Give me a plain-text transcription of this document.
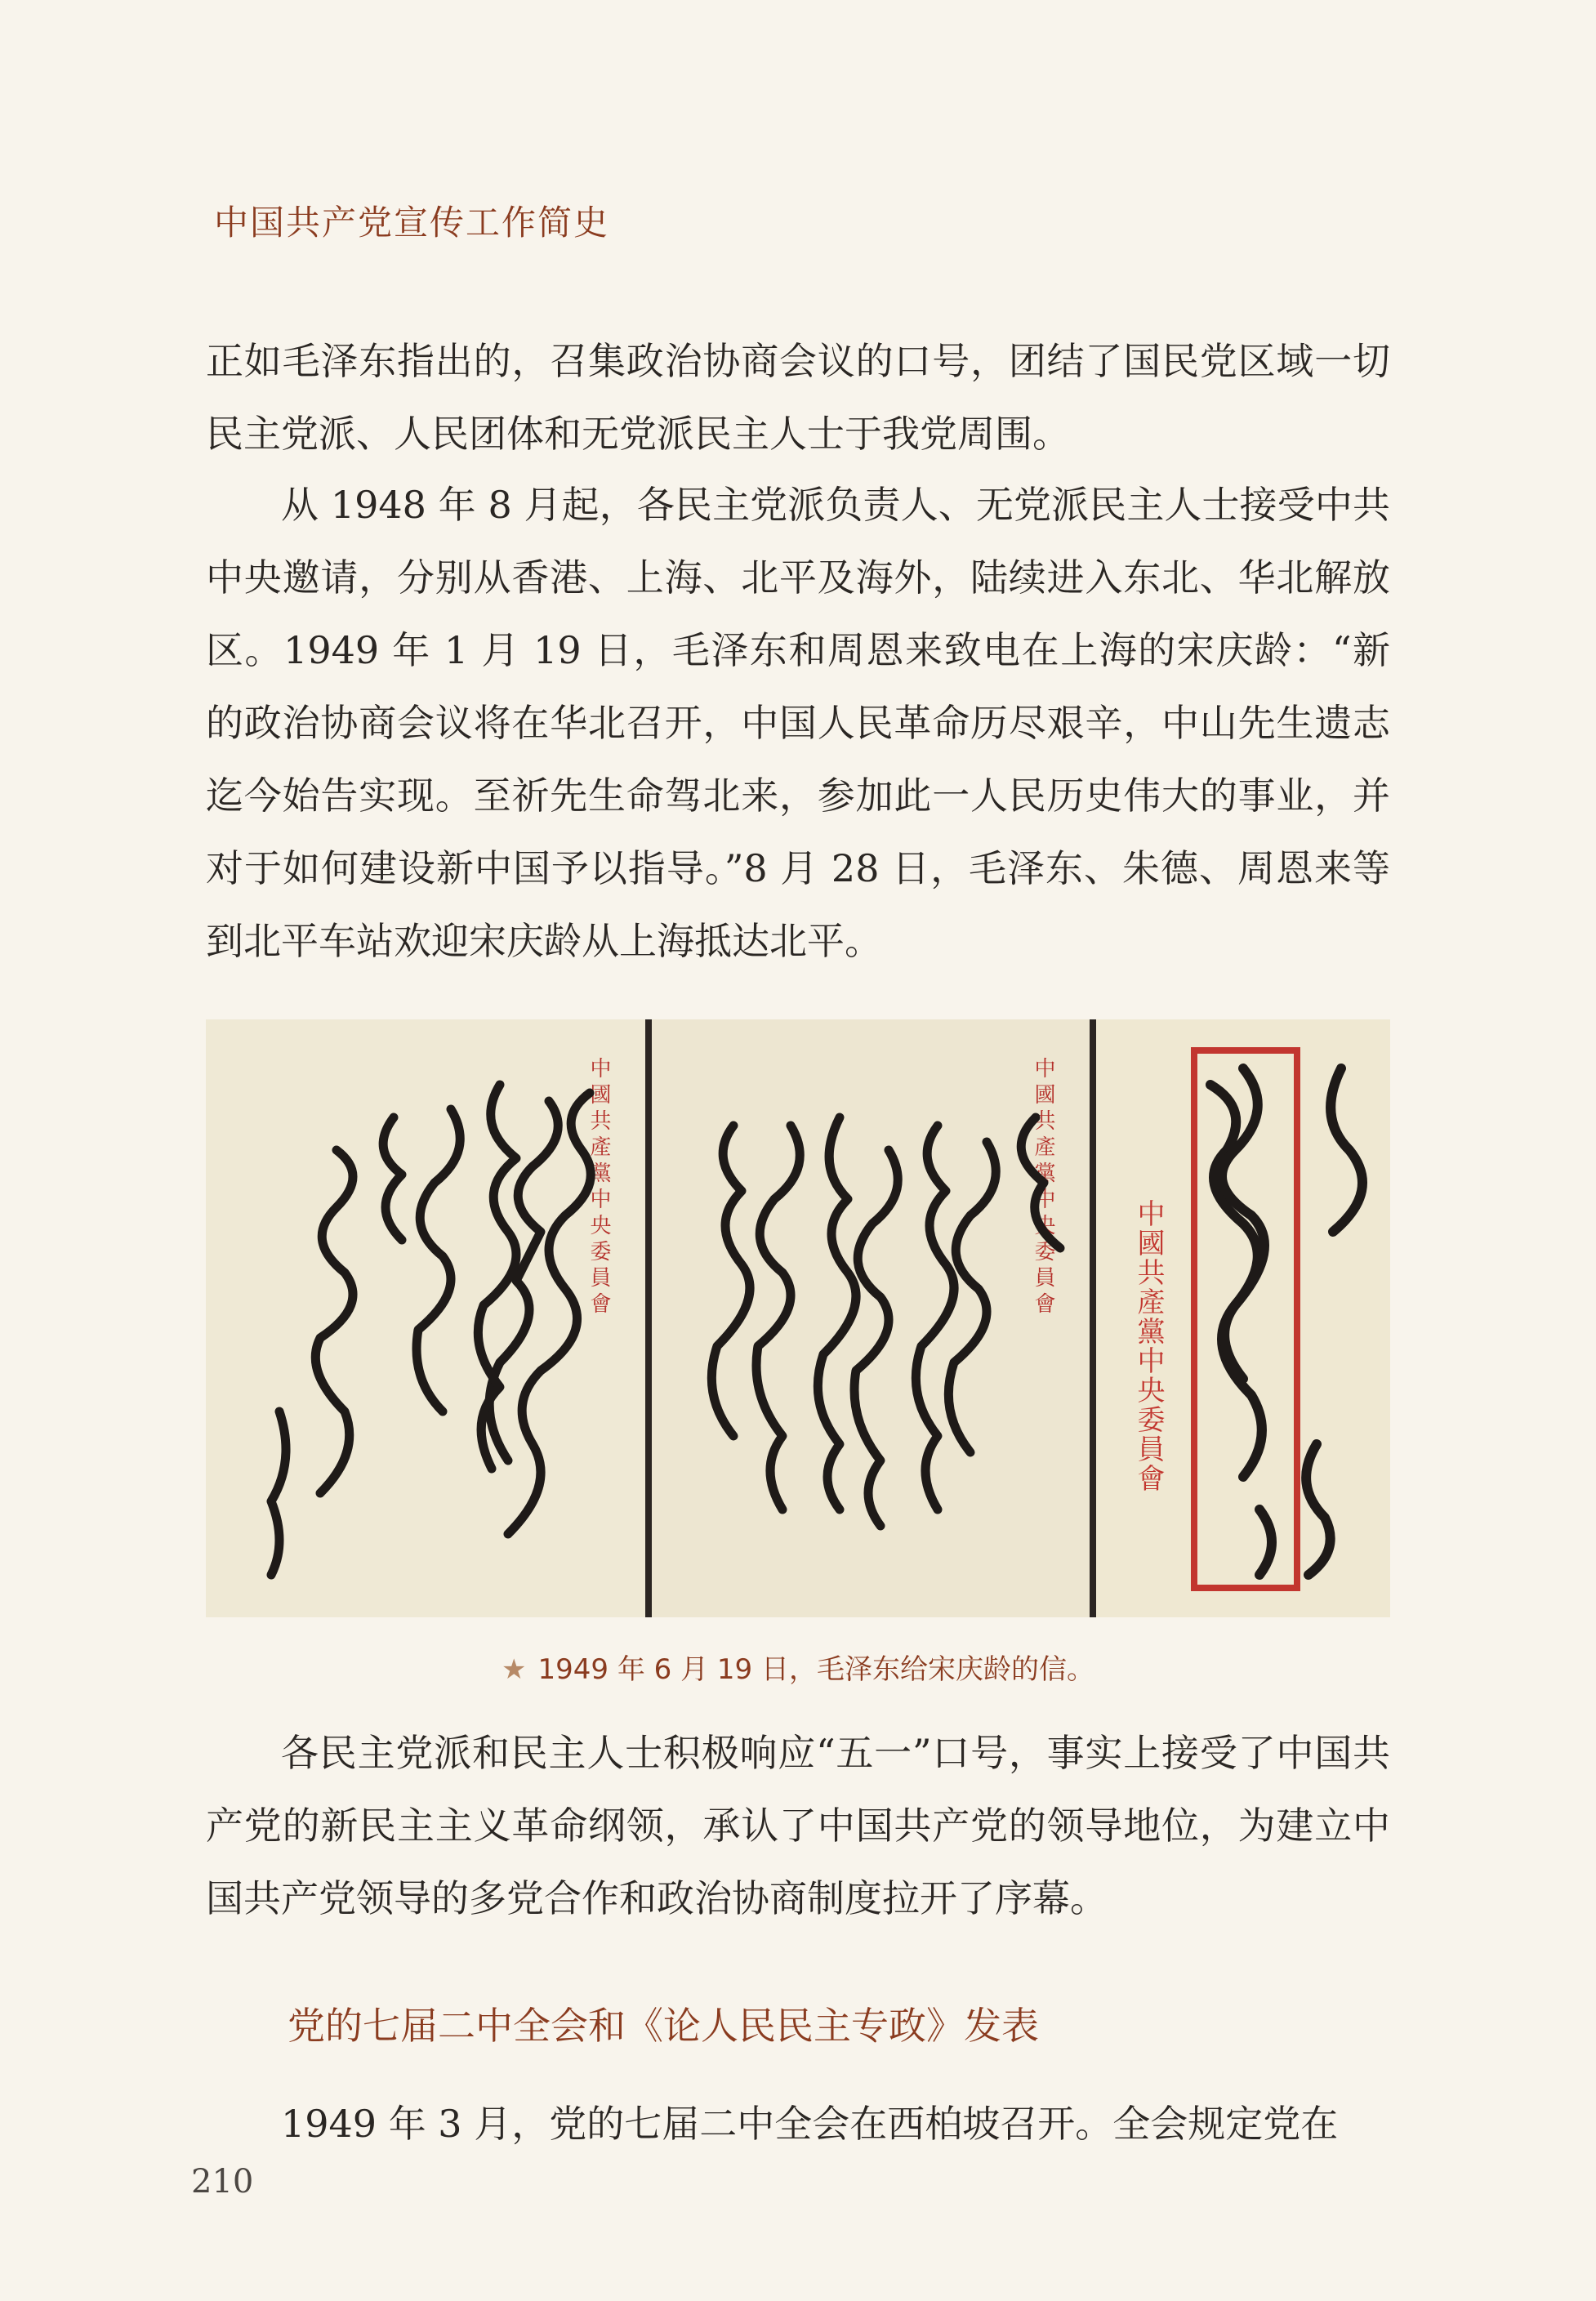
中国共产党宣传工作简史

正如毛泽东指出的，召集政治协商会议的口号，团结了国民党区域一切民主党派、人民团体和无党派民主人士于我党周围。

从 1948 年 8 月起，各民主党派负责人、无党派民主人士接受中共中央邀请，分别从香港、上海、北平及海外，陆续进入东北、华北解放区。1949 年 1 月 19 日，毛泽东和周恩来致电在上海的宋庆龄：“新的政治协商会议将在华北召开，中国人民革命历尽艰辛，中山先生遗志迄今始告实现。至祈先生命驾北来，参加此一人民历史伟大的事业，并对于如何建设新中国予以指导。”8 月 28 日，毛泽东、朱德、周恩来等到北平车站欢迎宋庆龄从上海抵达北平。

中國共產黨中央委員會	中國共產黨中央委員會
中國共產黨中央委員會
★ 1949 年 6 月 19 日，毛泽东给宋庆龄的信。

各民主党派和民主人士积极响应“五一”口号，事实上接受了中国共产党的新民主主义革命纲领，承认了中国共产党的领导地位，为建立中国共产党领导的多党合作和政治协商制度拉开了序幕。

党的七届二中全会和《论人民民主专政》发表

1949 年 3 月，党的七届二中全会在西柏坡召开。全会规定党在

210
